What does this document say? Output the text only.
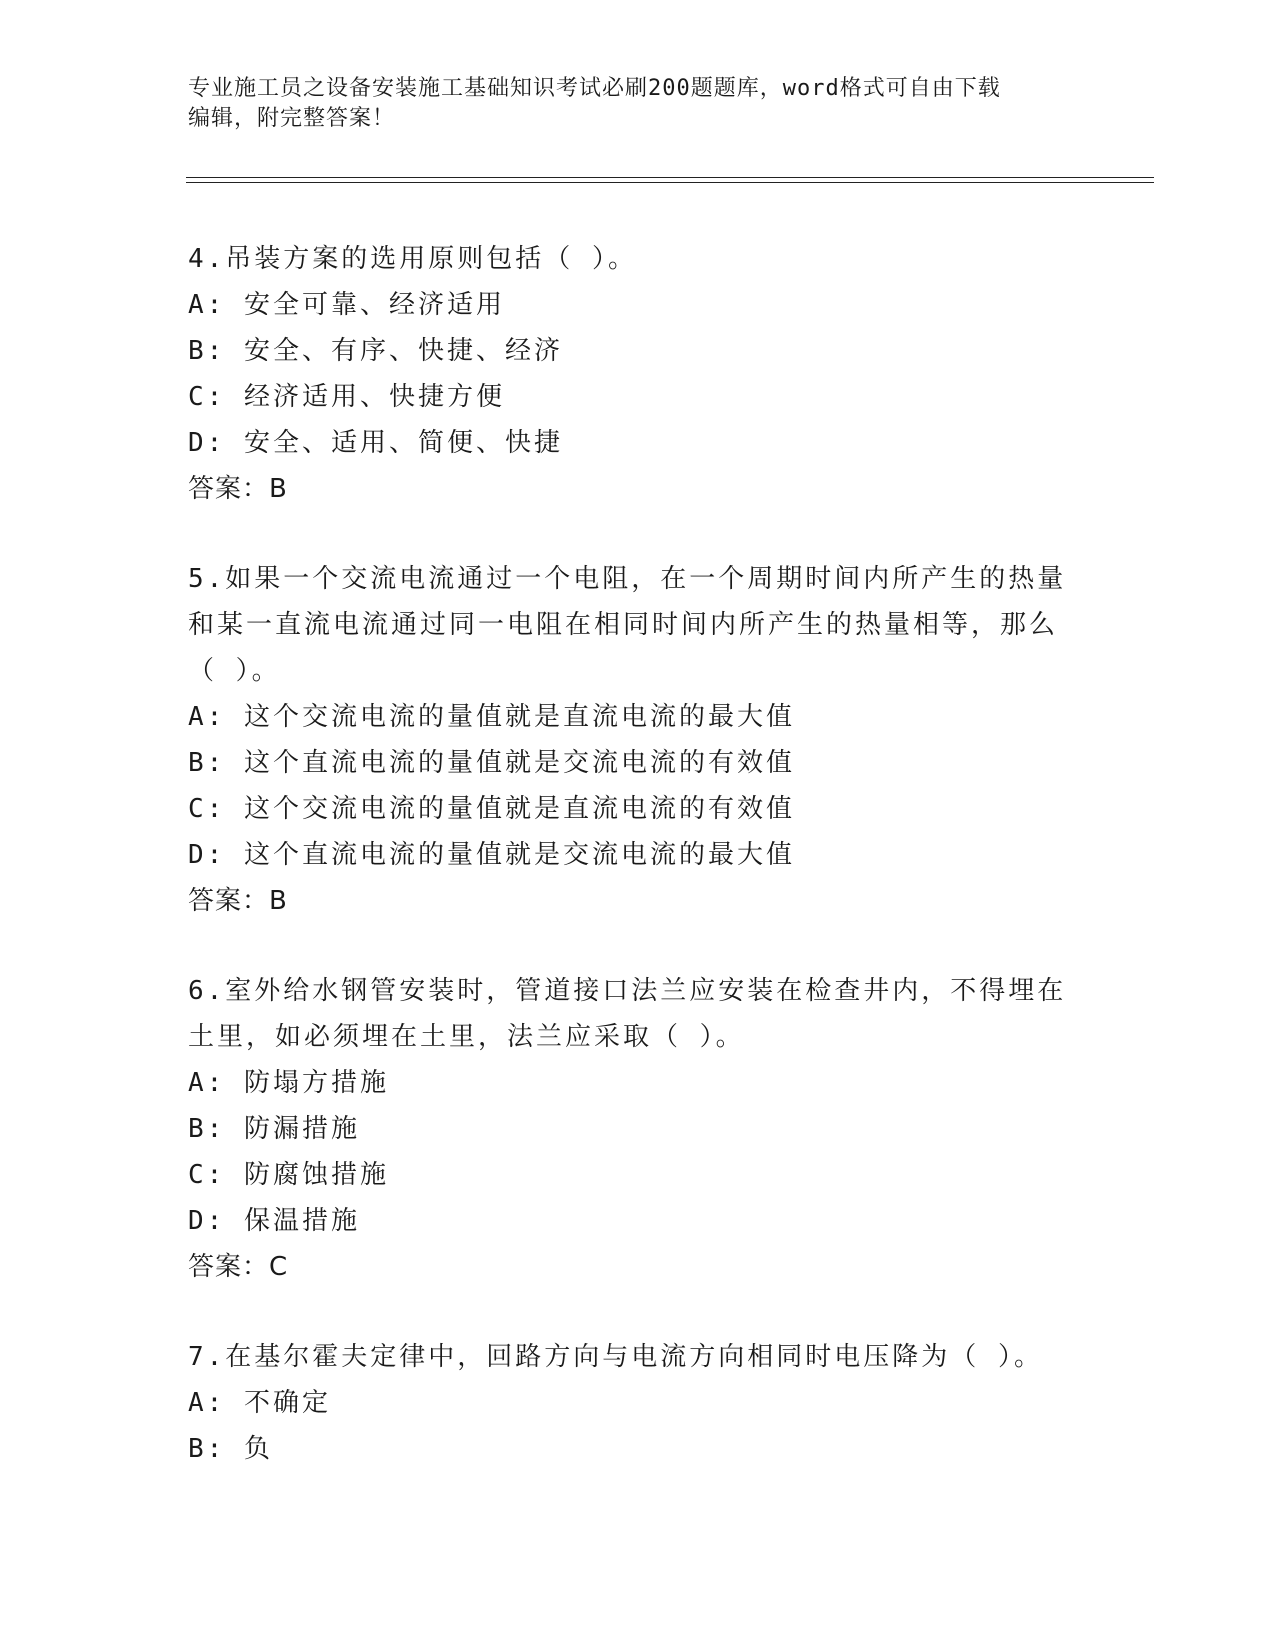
专业施工员之设备安装施工基础知识考试必刷200题题库，word格式可自由下载
编辑，附完整答案！
4.吊装方案的选用原则包括（ ）。
A: 安全可靠、经济适用
B: 安全、有序、快捷、经济
C: 经济适用、快捷方便
D: 安全、适用、简便、快捷
答案：B
5.如果一个交流电流通过一个电阻，在一个周期时间内所产生的热量和某一直流电流通过同一电阻在相同时间内所产生的热量相等，那么（ ）。
A: 这个交流电流的量值就是直流电流的最大值
B: 这个直流电流的量值就是交流电流的有效值
C: 这个交流电流的量值就是直流电流的有效值
D: 这个直流电流的量值就是交流电流的最大值
答案：B
6.室外给水钢管安装时，管道接口法兰应安装在检查井内，不得埋在土里，如必须埋在土里，法兰应采取（ ）。
A: 防塌方措施
B: 防漏措施
C: 防腐蚀措施
D: 保温措施
答案：C
7.在基尔霍夫定律中，回路方向与电流方向相同时电压降为（ ）。
A: 不确定
B: 负
